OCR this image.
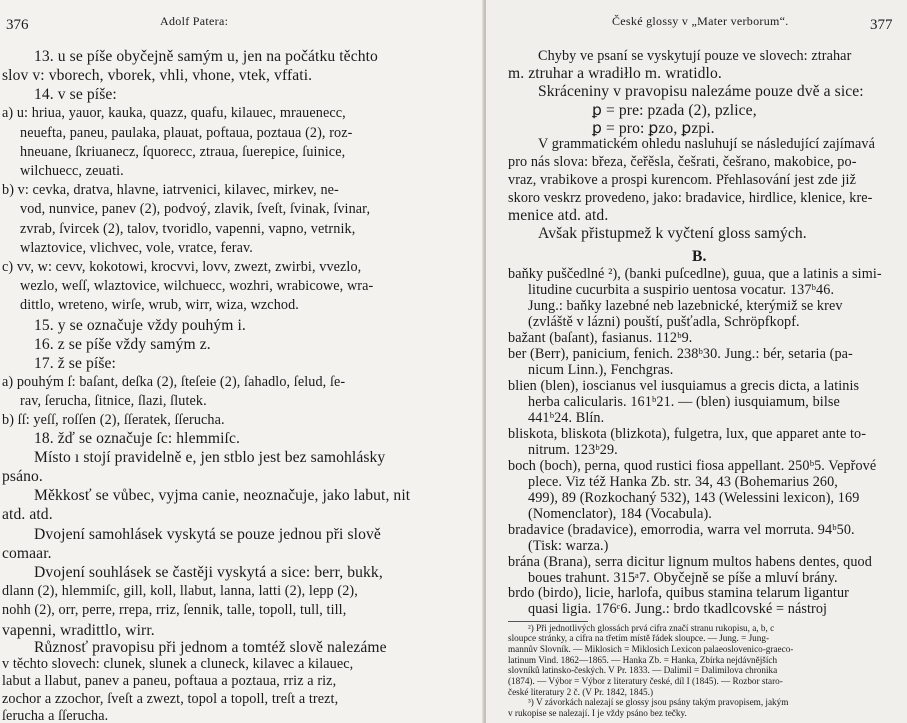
376	Adolf Patera:
13. u se píše obyčejně samým u, jen na počátku těchto
slov v: vborech, vborek, vhli, vhone, vtek, vffati.
14. v se píše:
a) u: hriua, yauor, kauka, quazz, quafu, kilauec, mrauenecc,
neuefta, paneu, paulaka, plauat, poftaua, poztaua (2), roz-
hneuane, ſkriuanecz, ſquorecc, ztraua, ſuerepice, ſuinice,
wilchuecc, zeuati.
b) v: cevka, dratva, hlavne, iatrvenici, kilavec, mirkev, ne-
vod, nunvice, panev (2), podvoý, zlavik, ſveſt, ſvinak, ſvinar,
zvrab, ſvircek (2), talov, tvoridlo, vapenni, vapno, vetrnik,
wlaztovice, vlichvec, vole, vratce, ferav.
c) vv, w: cevv, kokotowi, krocvvi, lovv, zwezt, zwirbi, vvezlo,
wezlo, weſſ, wlaztovice, wilchuecc, wozhri, wrabicowe, wra-
dittlo, wreteno, wirſe, wrub, wirr, wiza, wzchod.
15. y se označuje vždy pouhým i.
16. z se píše vždy samým z.
17. ž se píše:
a) pouhým ſ: baſant, deſka (2), ſteſeie (2), ſahadlo, ſelud, ſe-
rav, ſerucha, ſitnice, ſlazi, ſlutek.
b) ſſ: yeſſ, roſſen (2), ſſeratek, ſſerucha.
18. žď se označuje ſc: hlemmiſc.
Místo ı stojí pravidelně e, jen stblo jest bez samohlásky
psáno.
Měkkosť se vůbec, vyjma canie, neoznačuje, jako labut, nit
atd. atd.
Dvojení samohlásek vyskytá se pouze jednou při slově
comaar.
Dvojení souhlásek se častěji vyskytá a sice: berr, bukk,
dlann (2), hlemmiſc, gill, koll, llabut, lanna, latti (2), lepp (2),
nohh (2), orr, perre, rrepa, rriz, ſennik, talle, topoll, tull, till,
vapenni, wradittlo, wirr.
Různosť pravopisu při jednom a tomtéž slově nalezáme
v těchto slovech: clunek, slunek a cluneck, kilavec a kilauec,
labut a llabut, panev a paneu, poftaua a poztaua, rriz a riz,
zochor a zzochor, ſveſt a zwezt, topol a topoll, treſt a trezt,
ſerucha a ſſerucha.
České glossy v „Mater verborum“.	377
Chyby ve psaní se vyskytují pouze ve slovech: ztrahar
m. ztruhar a wradiłlo m. wratidlo.
Skráceniny v pravopisu nalezáme pouze dvě a sice:
ꝑ = pre: pzada (2), pzlice,
ꝑ = pro: ꝑzo, ꝑzpi.
V grammatickém ohledu nasluhují se následující zajímavá
pro nás slova: březa, čeřěsla, češrati, češrano, makobice, po-
vraz, vrabikove a prospi kurencom. Přehlasování jest zde již
skoro veskrz provedeno, jako: bradavice, hirdlice, klenice, kre-
menice atd. atd.
Avšak přistupmež k vyčtení gloss samých.
B.
baňky puščedlné ²), (banki puſcedlne), guua, que a latinis a simi-
litudine cucurbita a suspirio uentosa vocatur. 137ᵇ46.
Jung.: baňky lazebné neb lazebnické, kterýmiž se krev
(zvláště v lázni) pouští, pušťadla, Schröpfkopf.
bažant (baſant), fasianus. 112ᵇ9.
ber (Berr), panicium, fenich. 238ᵇ30. Jung.: bér, setaria (pa-
nicum Linn.), Fenchgras.
blien (blen), ioscianus vel iusquiamus a grecis dicta, a latinis
herba calicularis. 161ᵇ21. — (blen) iusquiamum, bilse
441ᵇ24. Blín.
bliskota, bliskota (blizkota), fulgetra, lux, que apparet ante to-
nitrum. 123ᵇ29.
boch (boch), perna, quod rustici fiosa appellant. 250ᵇ5. Vepřové
plece. Viz též Hanka Zb. str. 34, 43 (Bohemarius 260,
499), 89 (Rozkochaný 532), 143 (Welessini lexicon), 169
(Nomenclator), 184 (Vocabula).
bradavice (bradavice), emorrodia, warra vel morruta. 94ᵇ50.
(Tisk: warza.)
brána (Brana), serra dicitur lignum multos habens dentes, quod
boues trahunt. 315ᵃ7. Obyčejně se píše a mluví brány.
brdo (birdo), licie, harlofa, quibus stamina telarum ligantur
quasi ligia. 176ᶜ6. Jung.: brdo tkadlcovské = nástroj
²) Při jednotlivých glossách prvá cifra značí stranu rukopisu, a, b, c
sloupce stránky, a cifra na třetím místě řádek sloupce. — Jung. = Jung-
mannův Slovník. — Miklosich = Miklosich Lexicon palaeoslovenico-graeco-
latinum Vind. 1862—1865. — Hanka Zb. = Hanka, Zbírka nejdávnějších
slovníků latinsko-českých. V Pr. 1833. — Dalimil = Dalimilova chronika
(1874). — Výbor = Výbor z literatury české, díl I (1845). — Rozbor staro-
české literatury 2 č. (V Pr. 1842, 1845.)
³) V závorkách nalezají se glossy jsou psány takým pravopisem, jakým
v rukopise se nalezají. I je vždy psáno bez tečky.
